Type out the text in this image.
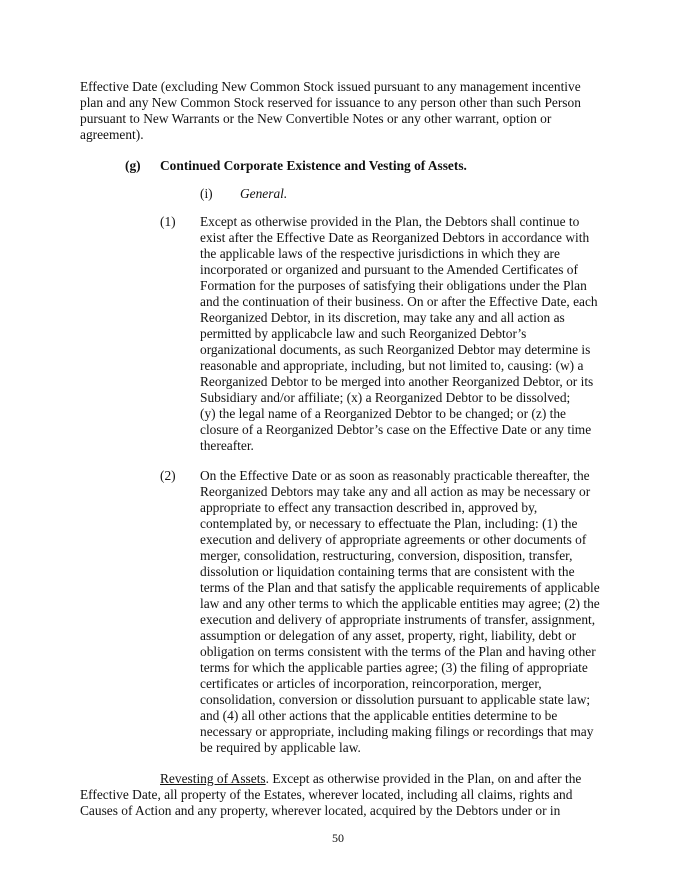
Effective Date (excluding New Common Stock issued pursuant to any management incentive
plan and any New Common Stock reserved for issuance to any person other than such Person
pursuant to New Warrants or the New Convertible Notes or any other warrant, option or
agreement).
(g) Continued Corporate Existence and Vesting of Assets.
(i) General.
(1) Except as otherwise provided in the Plan, the Debtors shall continue to
exist after the Effective Date as Reorganized Debtors in accordance with
the applicable laws of the respective jurisdictions in which they are
incorporated or organized and pursuant to the Amended Certificates of
Formation for the purposes of satisfying their obligations under the Plan
and the continuation of their business. On or after the Effective Date, each
Reorganized Debtor, in its discretion, may take any and all action as
permitted by applicabcle law and such Reorganized Debtor’s
organizational documents, as such Reorganized Debtor may determine is
reasonable and appropriate, including, but not limited to, causing: (w) a
Reorganized Debtor to be merged into another Reorganized Debtor, or its
Subsidiary and/or affiliate; (x) a Reorganized Debtor to be dissolved;
(y) the legal name of a Reorganized Debtor to be changed; or (z) the
closure of a Reorganized Debtor’s case on the Effective Date or any time
thereafter.
(2) On the Effective Date or as soon as reasonably practicable thereafter, the
Reorganized Debtors may take any and all action as may be necessary or
appropriate to effect any transaction described in, approved by,
contemplated by, or necessary to effectuate the Plan, including: (1) the
execution and delivery of appropriate agreements or other documents of
merger, consolidation, restructuring, conversion, disposition, transfer,
dissolution or liquidation containing terms that are consistent with the
terms of the Plan and that satisfy the applicable requirements of applicable
law and any other terms to which the applicable entities may agree; (2) the
execution and delivery of appropriate instruments of transfer, assignment,
assumption or delegation of any asset, property, right, liability, debt or
obligation on terms consistent with the terms of the Plan and having other
terms for which the applicable parties agree; (3) the filing of appropriate
certificates or articles of incorporation, reincorporation, merger,
consolidation, conversion or dissolution pursuant to applicable state law;
and (4) all other actions that the applicable entities determine to be
necessary or appropriate, including making filings or recordings that may
be required by applicable law.
Revesting of Assets. Except as otherwise provided in the Plan, on and after the
Effective Date, all property of the Estates, wherever located, including all claims, rights and
Causes of Action and any property, wherever located, acquired by the Debtors under or in
50
